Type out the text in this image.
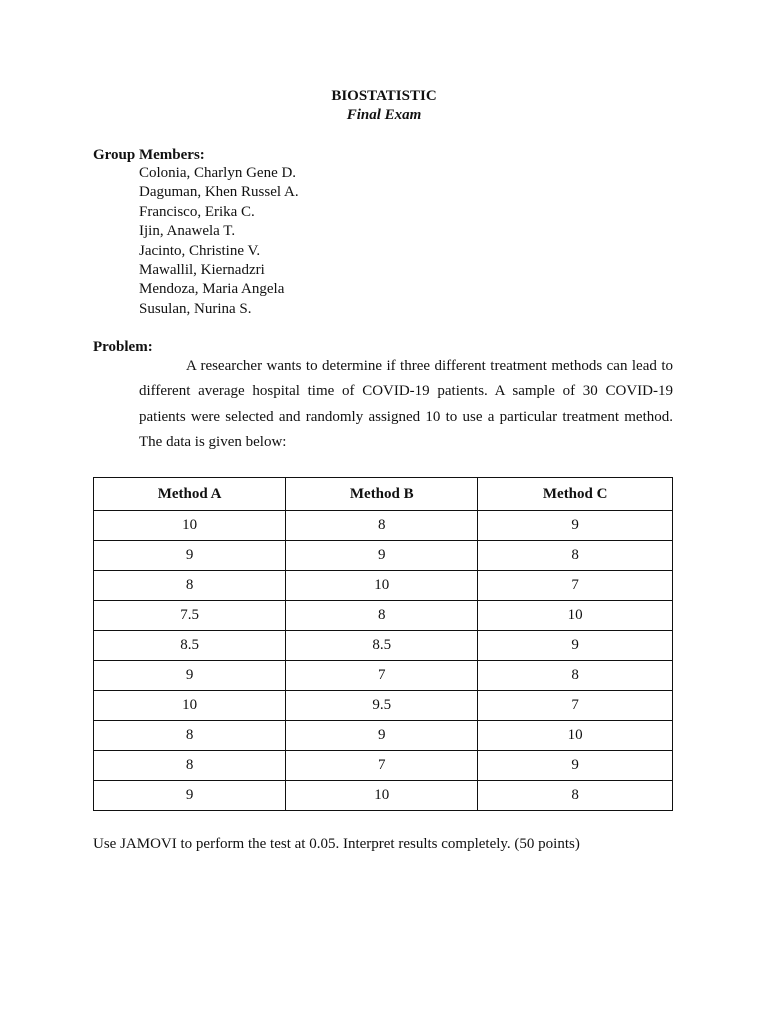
BIOSTATISTIC
Final Exam
Group Members:
Colonia, Charlyn Gene D.
Daguman, Khen Russel A.
Francisco, Erika C.
Ijin, Anawela T.
Jacinto, Christine V.
Mawallil, Kiernadzri
Mendoza, Maria Angela
Susulan, Nurina S.
Problem:

A researcher wants to determine if three different treatment methods can lead to different average hospital time of COVID-19 patients. A sample of 30 COVID-19 patients were selected and randomly assigned 10 to use a particular treatment method. The data is given below:

Method A	Method B	Method C
10	8	9
9	9	8
8	10	7
7.5	8	10
8.5	8.5	9
9	7	8
10	9.5	7
8	9	10
8	7	9
9	10	8
Use JAMOVI to perform the test at 0.05. Interpret results completely. (50 points)
